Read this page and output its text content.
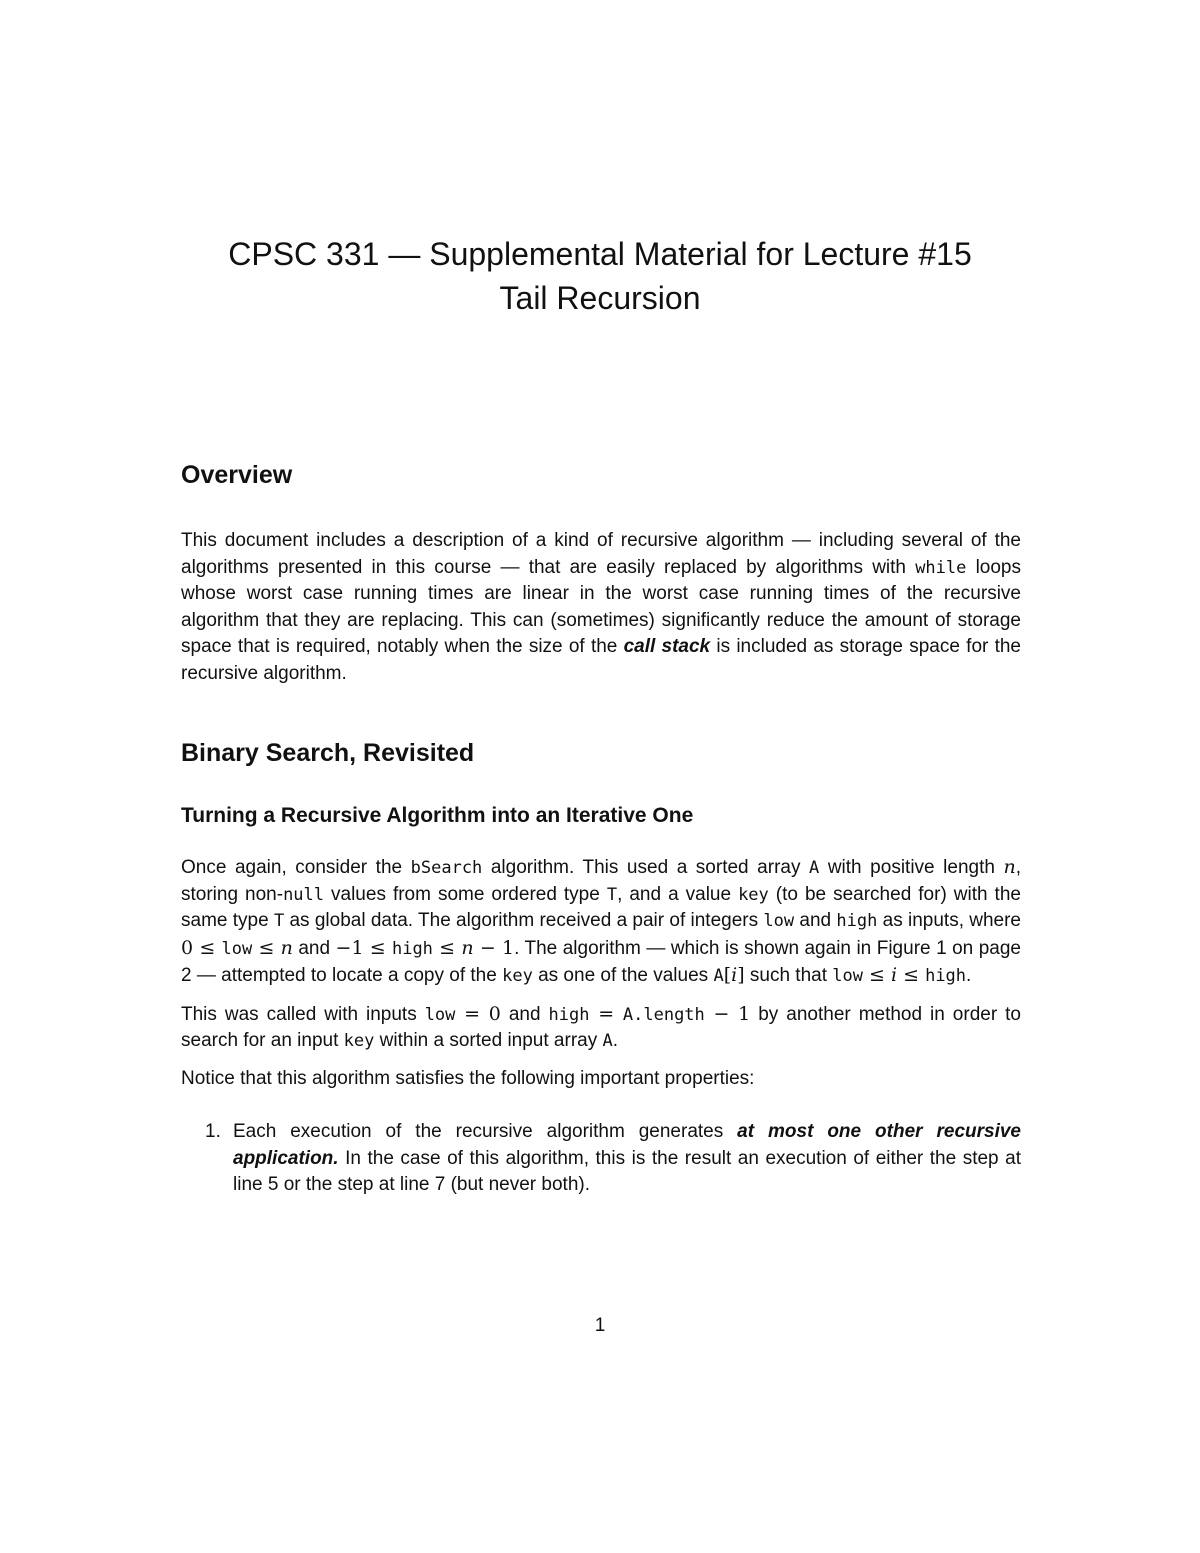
CPSC 331 — Supplemental Material for Lecture #15
Tail Recursion
Overview

This document includes a description of a kind of recursive algorithm — including several of the algorithms presented in this course — that are easily replaced by algorithms with while loops whose worst case running times are linear in the worst case running times of the recursive algorithm that they are replacing. This can (sometimes) significantly reduce the amount of storage space that is required, notably when the size of the call stack is included as storage space for the recursive algorithm.

Binary Search, Revisited
Turning a Recursive Algorithm into an Iterative One

Once again, consider the bSearch algorithm. This used a sorted array A with positive length n, storing non-null values from some ordered type T, and a value key (to be searched for) with the same type T as global data. The algorithm received a pair of integers low and high as inputs, where 0 ≤ low ≤ n and −1 ≤ high ≤ n − 1. The algorithm — which is shown again in Figure 1 on page 2 — attempted to locate a copy of the key as one of the values A[i] such that low ≤ i ≤ high.

This was called with inputs low = 0 and high = A.length − 1 by another method in order to search for an input key within a sorted input array A.

Notice that this algorithm satisfies the following important properties:

1. Each execution of the recursive algorithm generates at most one other recursive application. In the case of this algorithm, this is the result an execution of either the step at line 5 or the step at line 7 (but never both).
1
